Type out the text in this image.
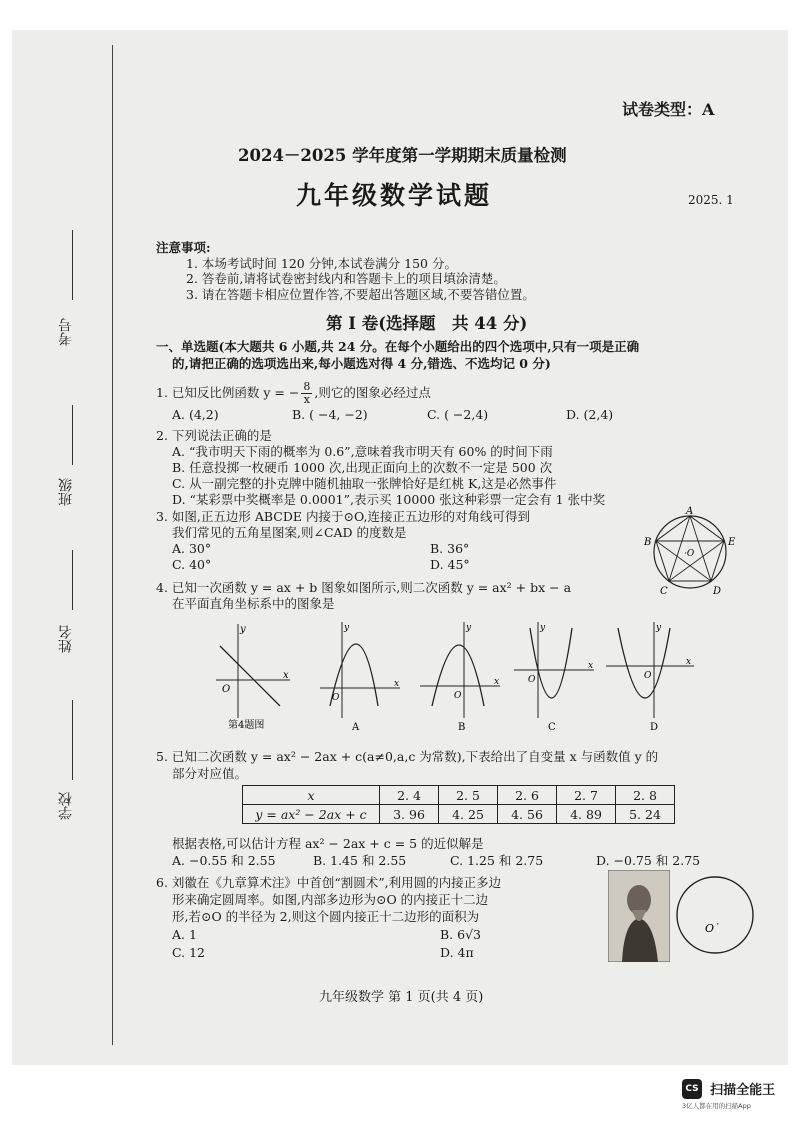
考号
班级
姓名
学校
试卷类型：A
2024－2025 学年度第一学期期末质量检测
九年级数学试题	2025. 1
注意事项:
1. 本场考试时间 120 分钟,本试卷满分 150 分。
2. 答卷前,请将试卷密封线内和答题卡上的项目填涂清楚。
3. 请在答题卡相应位置作答,不要超出答题区域,不要答错位置。
第 I 卷(选择题　共 44 分)
一、单选题(本大题共 6 小题,共 24 分。在每个小题给出的四个选项中,只有一项是正确
的,请把正确的选项选出来,每小题选对得 4 分,错选、不选均记 0 分)
1. 已知反比例函数 y = − $\frac{8}{x}$ ,则它的图象必经过点
A. (4,2)	B. ( −4, −2)	C. ( −2,4)	D. (2,4)
2. 下列说法正确的是
A. “我市明天下雨的概率为 0.6”,意味着我市明天有 60% 的时间下雨
B. 任意投掷一枚硬币 1000 次,出现正面向上的次数不一定是 500 次
C. 从一副完整的扑克牌中随机抽取一张牌恰好是红桃 K,这是必然事件
D. “某彩票中奖概率是 0.0001”,表示买 10000 张这种彩票一定会有 1 张中奖
3. 如图,正五边形 ABCDE 内接于⊙O,连接正五边形的对角线可得到
我们常见的五角星图案,则∠CAD 的度数是
A. 30°	B. 36°
C. 40°	D. 45°
A
B	E
C	D
·O
4. 已知一次函数 y = ax + b 图象如图所示,则二次函数 y = ax² + bx − a
在平面直角坐标系中的图象是
y
x
O
第4题图
y
x
O
A
y
x
O
B
y
x
O
C
y
x
O
D
5. 已知二次函数 y = ax² − 2ax + c(a≠0,a,c 为常数),下表给出了自变量 x 与函数值 y 的
部分对应值。
x	2. 4	2. 5	2. 6	2. 7	2. 8
y = ax² − 2ax + c	3. 96	4. 25	4. 56	4. 89	5. 24
根据表格,可以估计方程 ax² − 2ax + c = 5 的近似解是
A. −0.55 和 2.55	B. 1.45 和 2.55	C. 1.25 和 2.75	D. −0.75 和 2.75
6. 刘徽在《九章算术注》中首创“割圆术”,利用圆的内接正多边
形来确定圆周率。如图,内部多边形为⊙O 的内接正十二边
形,若⊙O 的半径为 2,则这个圆内接正十二边形的面积为
A. 1	B. 6√3
C. 12	D. 4π
O˙
九年级数学 第 1 页(共 4 页)
CS 扫描全能王
3亿人都在用的扫描App
